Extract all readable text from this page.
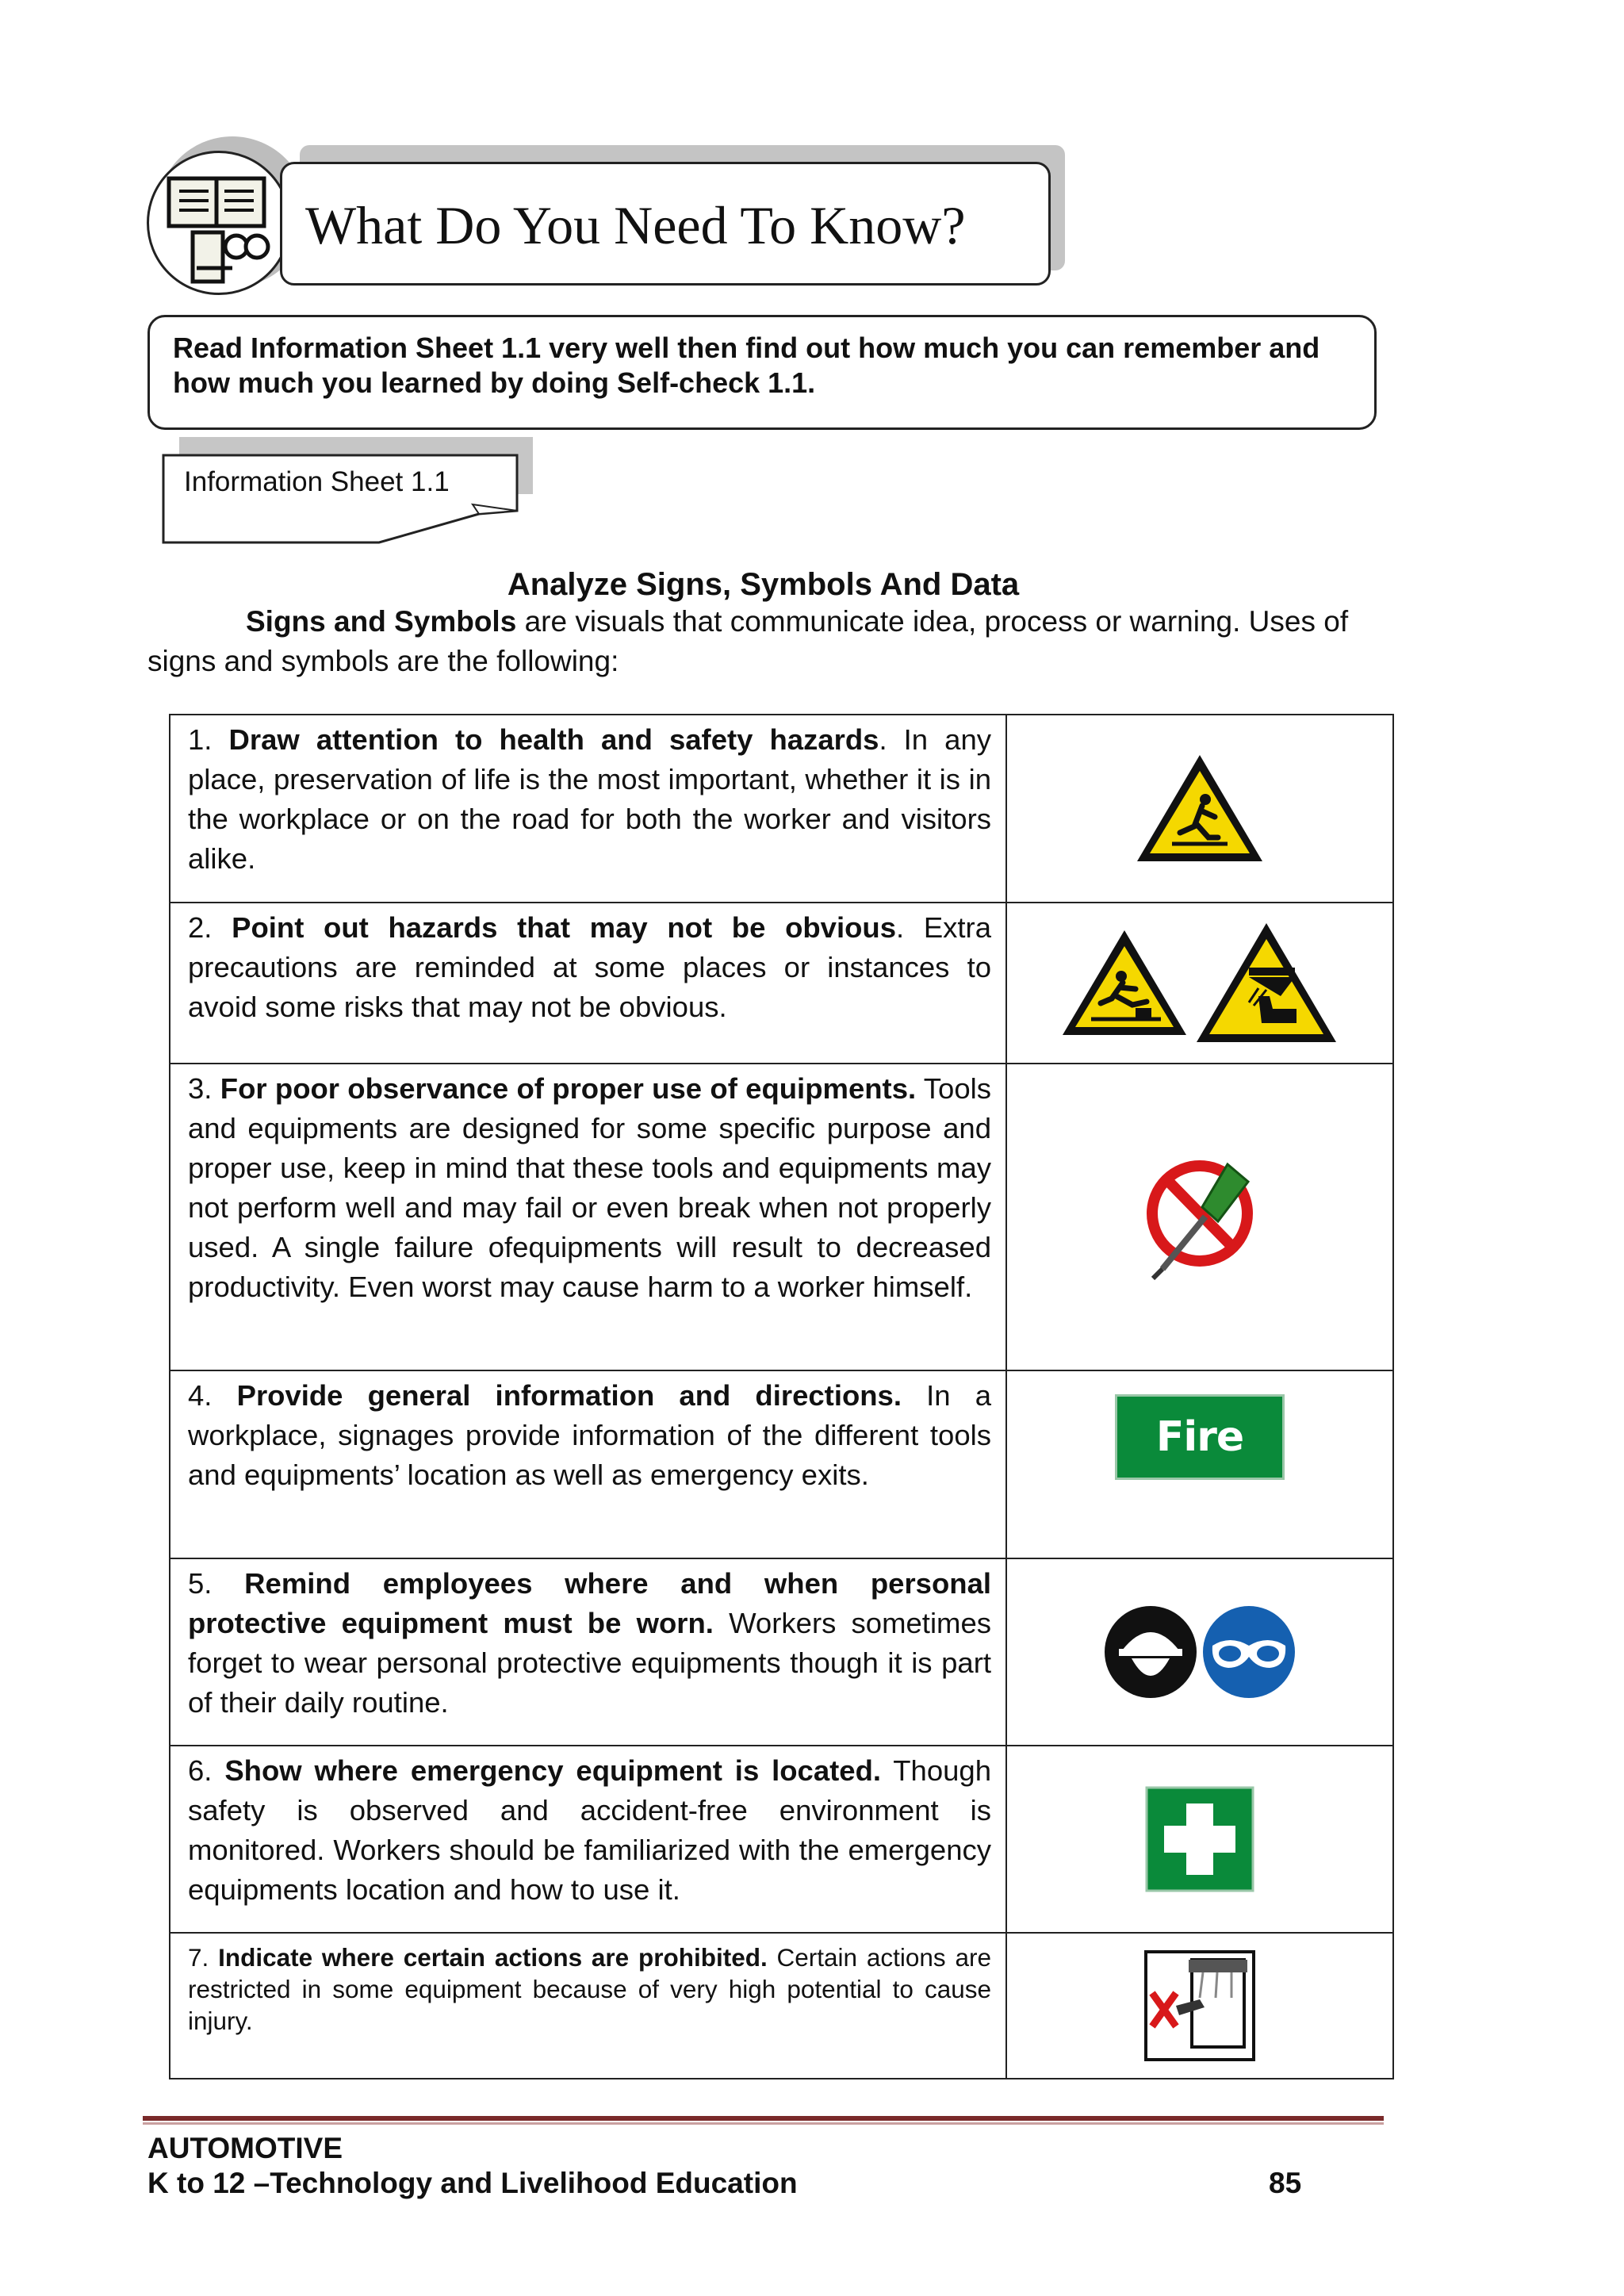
What Do You Need To Know?
Read Information Sheet 1.1 very well then find out how much you can remember and how much you learned by doing Self-check 1.1.
Information Sheet 1.1
Analyze Signs, Symbols And Data
Signs and Symbols are visuals that communicate idea, process or warning. Uses of
signs and symbols are the following:

1. Draw attention to health and safety hazards. In any place, preservation of life is the most important, whether it is in the workplace or on the road for both the worker and visitors alike.

2. Point out hazards that may not be obvious. Extra precautions are reminded at some places or instances to avoid some risks that may not be obvious.

3. For poor observance of proper use of equipments. Tools and equipments are designed for some specific purpose and proper use, keep in mind that these tools and equipments may not perform well and may fail or even break when not properly used. A single failure ofequipments will result to decreased productivity. Even worst may cause harm to a worker himself.

4. Provide general information and directions. In a workplace, signages provide information of the different tools and equipments’ location as well as emergency exits.	Fire Exit

5. Remind employees where and when personal protective equipment must be worn. Workers sometimes forget to wear personal protective equipments though it is part of their daily routine.

6. Show where emergency equipment is located. Though safety is observed and accident-free environment is monitored. Workers should be familiarized with the emergency equipments location and how to use it.

7. Indicate where certain actions are prohibited. Certain actions are restricted in some equipment because of very high potential to cause injury.

AUTOMOTIVE
K to 12 –Technology and Livelihood Education	85
